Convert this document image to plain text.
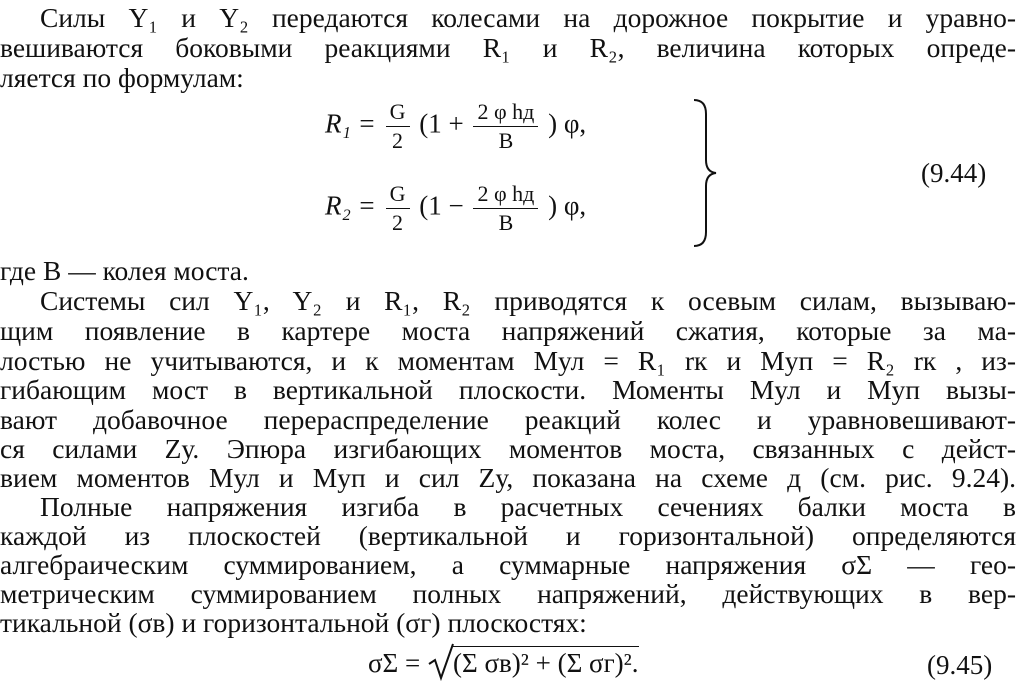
Силы Y₁ и Y₂ передаются колесами на дорожное покрытие и уравно-
вешиваются боковыми реакциями R₁ и R₂, величина которых опреде-
ляется по формулам:
$R_1 = \frac{G}{2} (1 + \frac{\text{2 φ hд}}{B}$ ) φ,
$R_2 = \frac{G}{2} (1 - \frac{\text{2 φ hд}}{B}$ ) φ,
(9.44)
где B — колея моста.
Системы сил Y₁, Y₂ и R₁, R₂ приводятся к осевым силам, вызываю-
щим появление в картере моста напряжений сжатия, которые за ма-
лостью не учитываются, и к моментам Mул = R₁ rк и Mуп = R₂ rк , из-
гибающим мост в вертикальной плоскости. Моменты Mул и Mуп вызы-
вают добавочное перераспределение реакций колес и уравновешивают-
ся силами Zу. Эпюра изгибающих моментов моста, связанных с дейст-
вием моментов Mул и Mуп и сил Zу, показана на схеме д (см. рис. 9.24).
Полные напряжения изгиба в расчетных сечениях балки моста в
каждой из плоскостей (вертикальной и горизонтальной) определяются
алгебраическим суммированием, а суммарные напряжения σΣ — гео-
метрическим суммированием полных напряжений, действующих в вер-
тикальной (σв) и горизонтальной (σг) плоскостях:
σΣ = (Σ σв)² + (Σ σг)².	(9.45)
